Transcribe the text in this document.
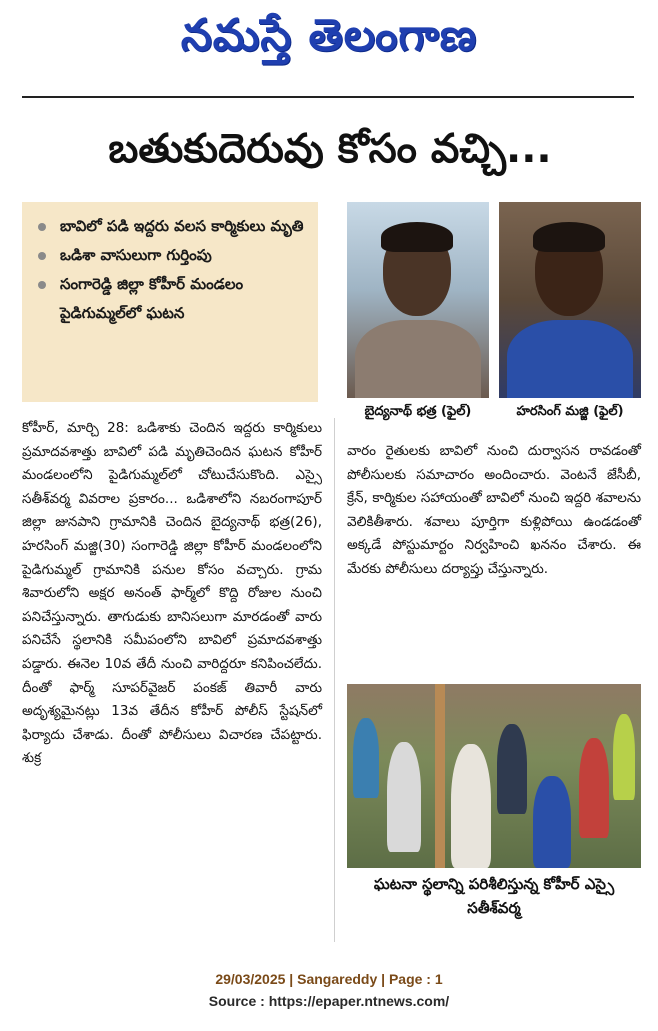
నమస్తే తెలంగాణ
బతుకుదెరువు కోసం వచ్చి...
బావిలో పడి ఇద్దరు వలస కార్మికులు మృతి
ఒడిశా వాసులుగా గుర్తింపు
సంగారెడ్డి జిల్లా కోహీర్ మండలం పైడిగుమ్మల్‌లో ఘటన
బైద్యనాథ్ భత్ర (ఫైల్)	హరసింగ్ మజ్జి (ఫైల్)
కోహీర్, మార్చి 28: ఒడిశాకు చెందిన ఇద్దరు కార్మికులు ప్రమాదవశాత్తు బావిలో పడి మృతిచెందిన ఘటన కోహీర్ మండలంలోని పైడిగుమ్మల్‌లో చోటుచేసుకొంది. ఎస్సై సతీశ్‌వర్మ వివరాల ప్రకారం... ఒడిశాలోని నబరంగాపూర్ జిల్లా జునపాని గ్రామానికి చెందిన బైద్యనాథ్ భత్ర(26), హరసింగ్ మజ్జి(30) సంగారెడ్డి జిల్లా కోహీర్ మండలంలోని పైడిగుమ్మల్ గ్రామానికి పనుల కోసం వచ్చారు. గ్రామ శివారులోని అక్షర అనంత్ ఫార్మ్‌లో కొద్ది రోజుల నుంచి పనిచేస్తున్నారు. తాగుడుకు బానిసలుగా మారడంతో వారు పనిచేసే స్థలానికి సమీపంలోని బావిలో ప్రమాదవశాత్తు పడ్డారు. ఈనెల 10వ తేదీ నుంచి వారిద్దరూ కనిపించలేదు. దీంతో ఫార్మ్ సూపర్‌వైజర్ పంకజ్ తివారీ వారు అదృశ్యమైనట్లు 13వ తేదీన కోహీర్ పోలీస్ స్టేషన్‌లో ఫిర్యాదు చేశాడు. దీంతో పోలీసులు విచారణ చేపట్టారు. శుక్ర
వారం రైతులకు బావిలో నుంచి దుర్వాసన రావడంతో పోలీసులకు సమాచారం అందించారు. వెంటనే జేసీబీ, క్రేన్, కార్మికుల సహాయంతో బావిలో నుంచి ఇద్దరి శవాలను వెలికితీశారు. శవాలు పూర్తిగా కుళ్లిపోయి ఉండడంతో అక్కడే పోస్టుమార్టం నిర్వహించి ఖననం చేశారు. ఈ మేరకు పోలీసులు దర్యాప్తు చేస్తున్నారు.
ఘటనా స్థలాన్ని పరిశీలిస్తున్న కోహీర్ ఎస్సై సతీశ్‌వర్మ
29/03/2025 | Sangareddy | Page : 1
Source : https://epaper.ntnews.com/
